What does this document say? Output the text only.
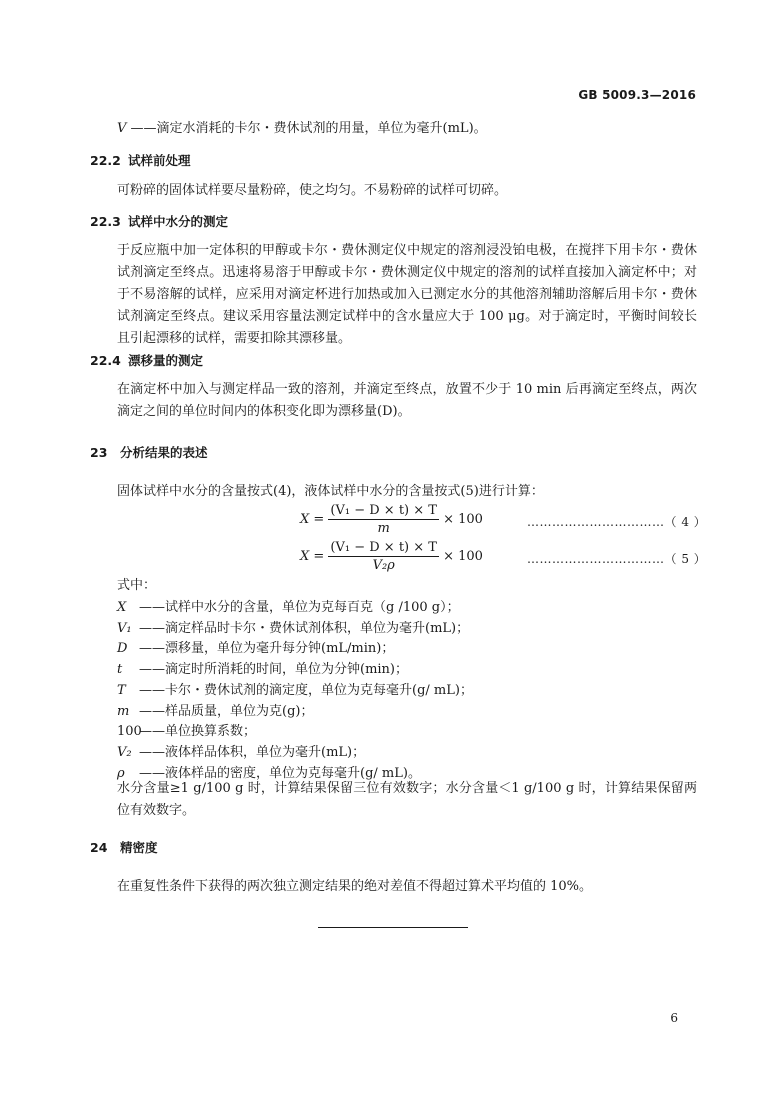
GB 5009.3—2016
V ——滴定水消耗的卡尔・费休试剂的用量，单位为毫升(mL)。
22.2 试样前处理
可粉碎的固体试样要尽量粉碎，使之均匀。不易粉碎的试样可切碎。
22.3 试样中水分的测定
于反应瓶中加一定体积的甲醇或卡尔・费休测定仪中规定的溶剂浸没铂电极，在搅拌下用卡尔・费休试剂滴定至终点。迅速将易溶于甲醇或卡尔・费休测定仪中规定的溶剂的试样直接加入滴定杯中；对于不易溶解的试样，应采用对滴定杯进行加热或加入已测定水分的其他溶剂辅助溶解后用卡尔・费休试剂滴定至终点。建议采用容量法测定试样中的含水量应大于 100 μg。对于滴定时，平衡时间较长且引起漂移的试样，需要扣除其漂移量。
22.4 漂移量的测定
在滴定杯中加入与测定样品一致的溶剂，并滴定至终点，放置不少于 10 min 后再滴定至终点，两次滴定之间的单位时间内的体积变化即为漂移量(D)。
23 分析结果的表述
固体试样中水分的含量按式(4)，液体试样中水分的含量按式(5)进行计算：
$X = \frac{\text{(V₁ − D × t) × T}}{m} \times 100$	……………………………（ 4 ）
$X = \frac{\text{(V₁ − D × t) × T}}{\text{V₂ρ}} \times 100$	……………………………（ 5 ）
式中：
X ——试样中水分的含量，单位为克每百克（g /100 g）；
V₁ ——滴定样品时卡尔・费休试剂体积，单位为毫升(mL)；
D ——漂移量，单位为毫升每分钟(mL/min)；
t ——滴定时所消耗的时间，单位为分钟(min)；
T ——卡尔・费休试剂的滴定度，单位为克每毫升(g/ mL)；
m ——样品质量，单位为克(g)；
100——单位换算系数；
V₂ ——液体样品体积，单位为毫升(mL)；
ρ ——液体样品的密度，单位为克每毫升(g/ mL)。
水分含量≥1 g/100 g 时，计算结果保留三位有效数字；水分含量＜1 g/100 g 时，计算结果保留两位有效数字。
24 精密度
在重复性条件下获得的两次独立测定结果的绝对差值不得超过算术平均值的 10%。
6
